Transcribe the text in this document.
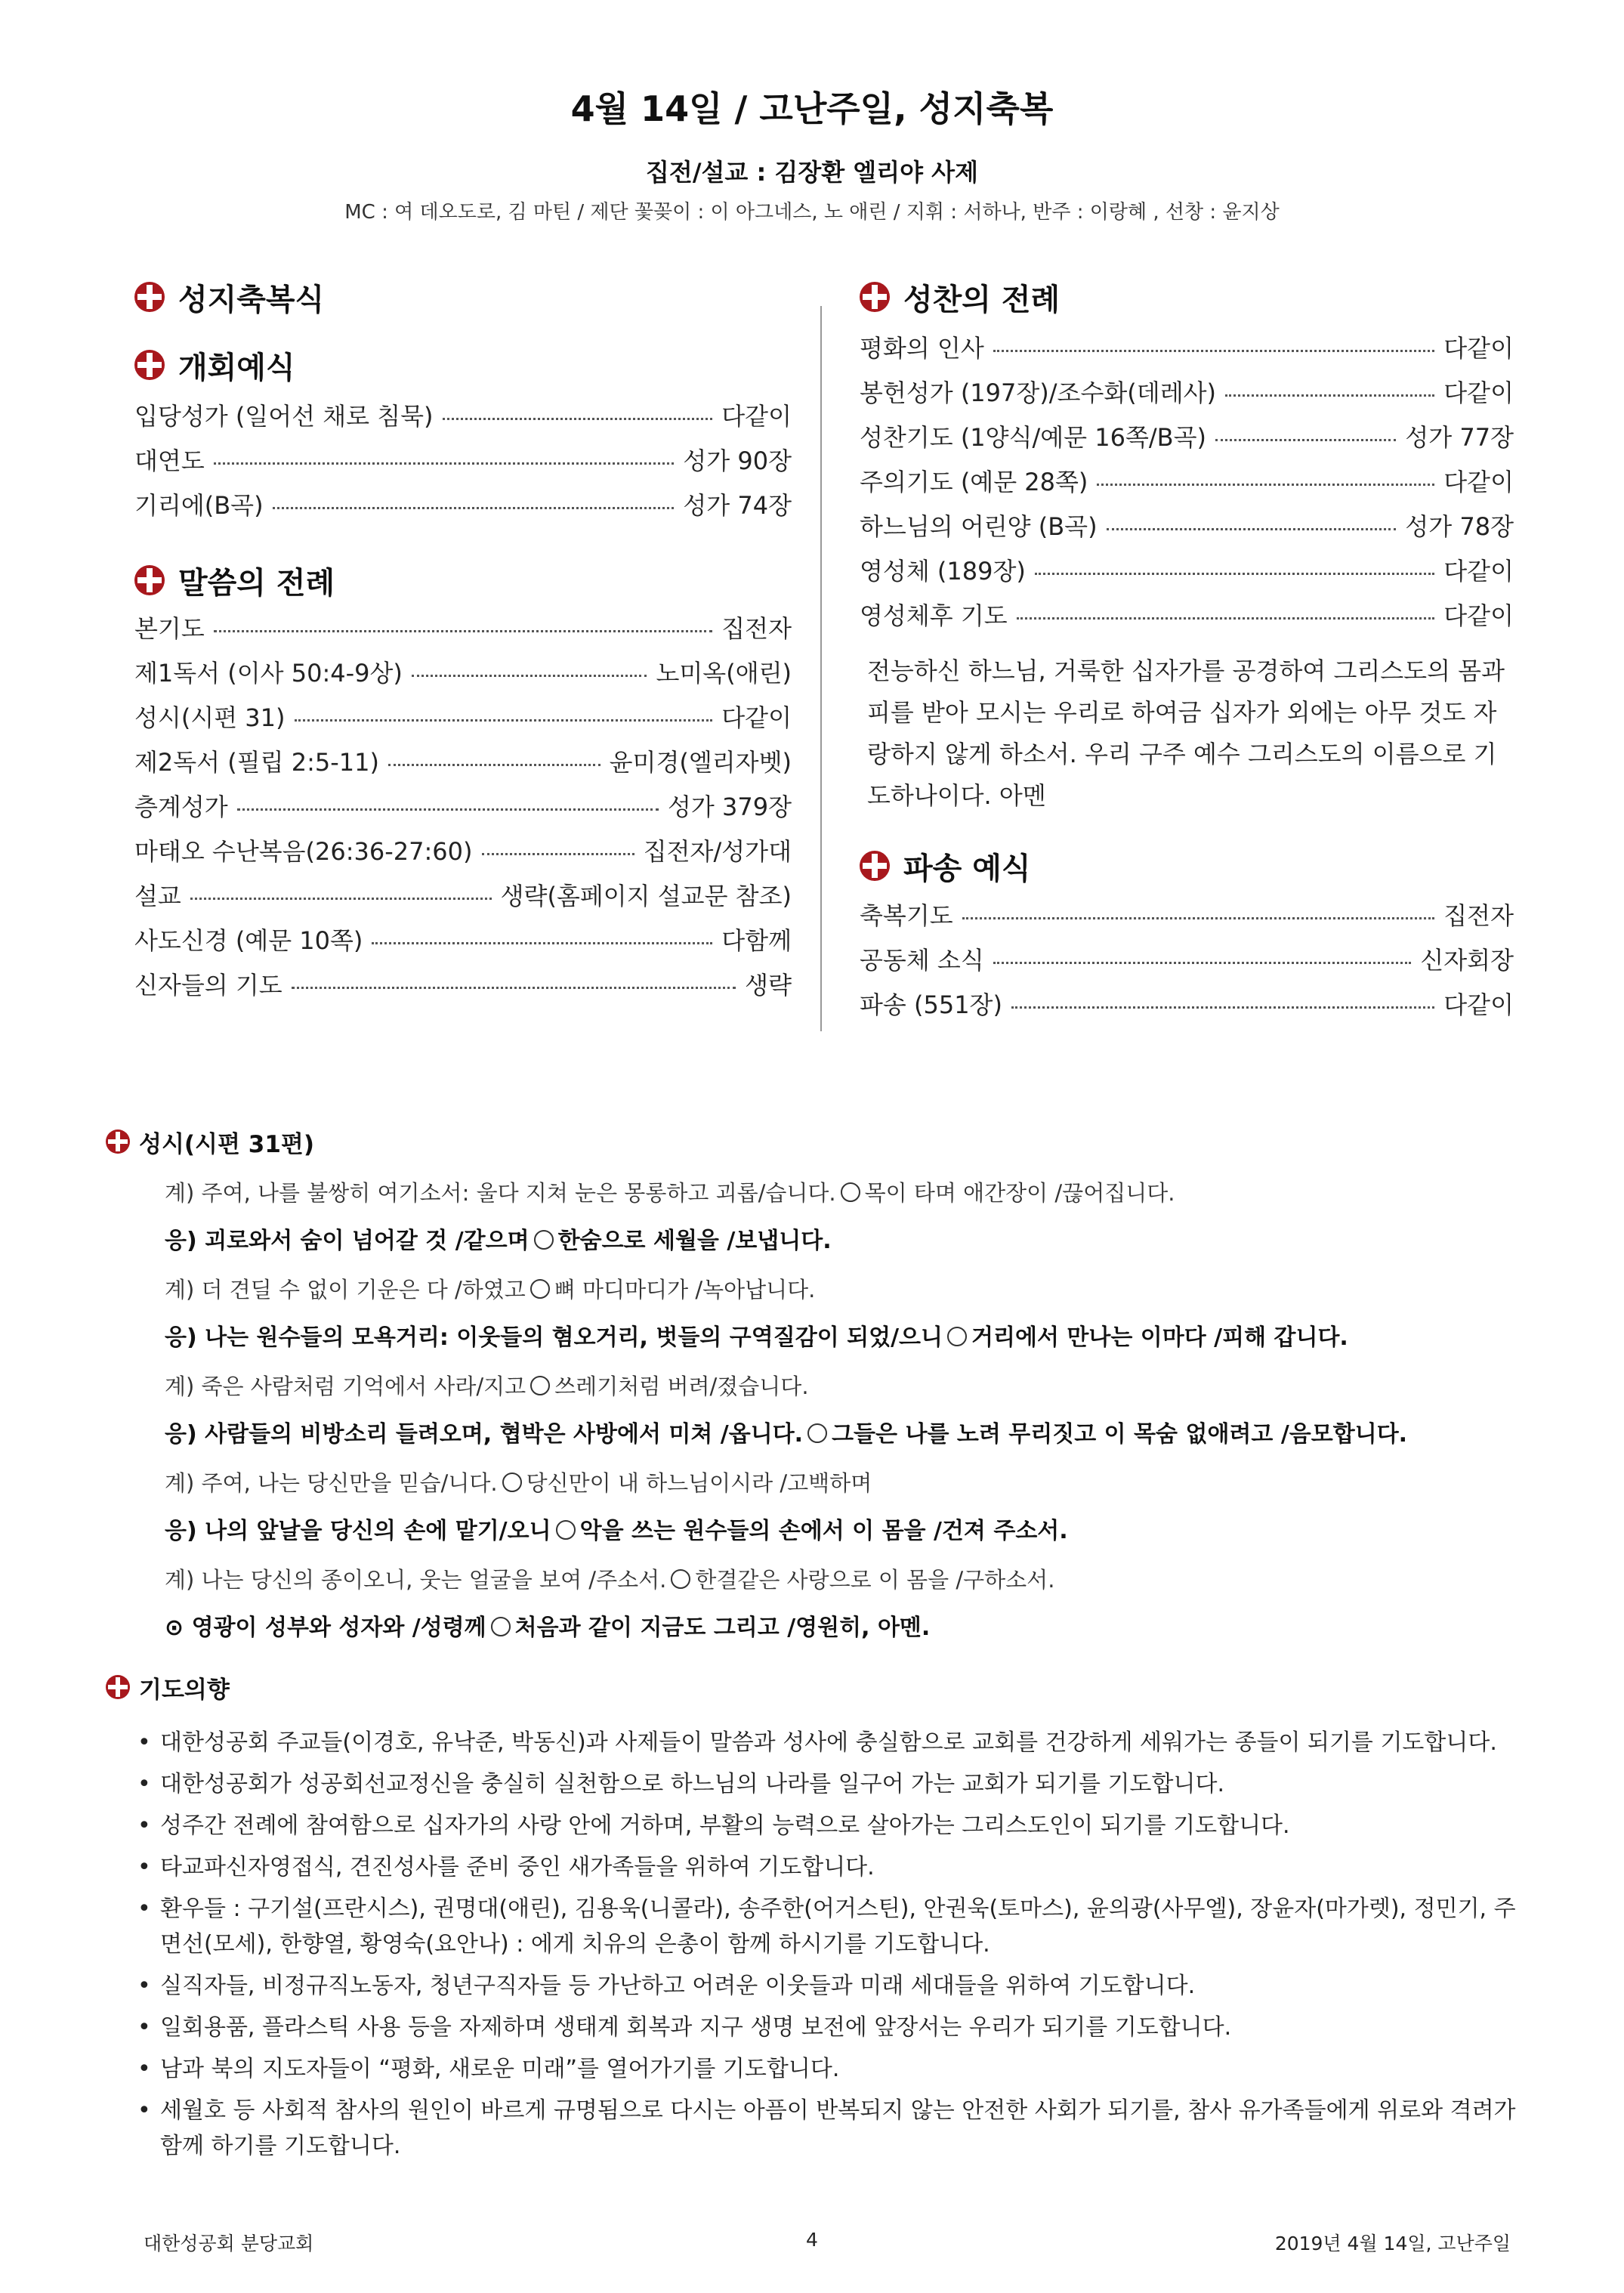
4월 14일 / 고난주일, 성지축복
집전/설교 : 김장환 엘리야 사제
MC : 여 데오도로, 김 마틴 / 제단 꽃꽂이 : 이 아그네스, 노 애린 / 지휘 : 서하나, 반주 : 이랑혜 , 선창 : 윤지상
성지축복식
개회예식
입당성가 (일어선 채로 침묵)	다같이
대연도	성가 90장
기리에(B곡)	성가 74장
말씀의 전례
본기도	집전자
제1독서 (이사 50:4-9상)	노미옥(애린)
성시(시편 31)	다같이
제2독서 (필립 2:5-11)	윤미경(엘리자벳)
층계성가	성가 379장
마태오 수난복음(26:36-27:60)	집전자/성가대
설교	생략(홈페이지 설교문 참조)
사도신경 (예문 10쪽)	다함께
신자들의 기도	생략
성찬의 전례
평화의 인사	다같이
봉헌성가 (197장)/조수화(데레사)	다같이
성찬기도 (1양식/예문 16쪽/B곡)	성가 77장
주의기도 (예문 28쪽)	다같이
하느님의 어린양 (B곡)	성가 78장
영성체 (189장)	다같이
영성체후 기도	다같이
전능하신 하느님, 거룩한 십자가를 공경하여 그리스도의 몸과 피를 받아 모시는 우리로 하여금 십자가 외에는 아무 것도 자랑하지 않게 하소서. 우리 구주 예수 그리스도의 이름으로 기도하나이다. 아멘
파송 예식
축복기도	집전자
공동체 소식	신자회장
파송 (551장)	다같이
성시(시편 31편)
계) 주여, 나를 불쌍히 여기소서: 울다 지쳐 눈은 몽롱하고 괴롭/습니다. 목이 타며 애간장이 /끊어집니다.
응) 괴로와서 숨이 넘어갈 것 /같으며 한숨으로 세월을 /보냅니다.
계) 더 견딜 수 없이 기운은 다 /하였고 뼈 마디마디가 /녹아납니다.
응) 나는 원수들의 모욕거리: 이웃들의 혐오거리, 벗들의 구역질감이 되었/으니 거리에서 만나는 이마다 /피해 갑니다.
계) 죽은 사람처럼 기억에서 사라/지고 쓰레기처럼 버려/졌습니다.
응) 사람들의 비방소리 들려오며, 협박은 사방에서 미쳐 /옵니다. 그들은 나를 노려 무리짓고 이 목숨 없애려고 /음모합니다.
계) 주여, 나는 당신만을 믿습/니다. 당신만이 내 하느님이시라 /고백하며
응) 나의 앞날을 당신의 손에 맡기/오니 악을 쓰는 원수들의 손에서 이 몸을 /건져 주소서.
계) 나는 당신의 종이오니, 웃는 얼굴을 보여 /주소서. 한결같은 사랑으로 이 몸을 /구하소서.
⊙ 영광이 성부와 성자와 /성령께 처음과 같이 지금도 그리고 /영원히, 아멘.
기도의향
• 대한성공회 주교들(이경호, 유낙준, 박동신)과 사제들이 말씀과 성사에 충실함으로 교회를 건강하게 세워가는 종들이 되기를 기도합니다.
• 대한성공회가 성공회선교정신을 충실히 실천함으로 하느님의 나라를 일구어 가는 교회가 되기를 기도합니다.
• 성주간 전례에 참여함으로 십자가의 사랑 안에 거하며, 부활의 능력으로 살아가는 그리스도인이 되기를 기도합니다.
• 타교파신자영접식, 견진성사를 준비 중인 새가족들을 위하여 기도합니다.
• 환우들 : 구기설(프란시스), 권명대(애린), 김용욱(니콜라), 송주한(어거스틴), 안권욱(토마스), 윤의광(사무엘), 장윤자(마가렛), 정민기, 주면선(모세), 한향열, 황영숙(요안나) : 에게 치유의 은총이 함께 하시기를 기도합니다.
• 실직자들, 비정규직노동자, 청년구직자들 등 가난하고 어려운 이웃들과 미래 세대들을 위하여 기도합니다.
• 일회용품, 플라스틱 사용 등을 자제하며 생태계 회복과 지구 생명 보전에 앞장서는 우리가 되기를 기도합니다.
• 남과 북의 지도자들이 “평화, 새로운 미래”를 열어가기를 기도합니다.
• 세월호 등 사회적 참사의 원인이 바르게 규명됨으로 다시는 아픔이 반복되지 않는 안전한 사회가 되기를, 참사 유가족들에게 위로와 격려가 함께 하기를 기도합니다.
대한성공회 분당교회	4	2019년 4월 14일, 고난주일
